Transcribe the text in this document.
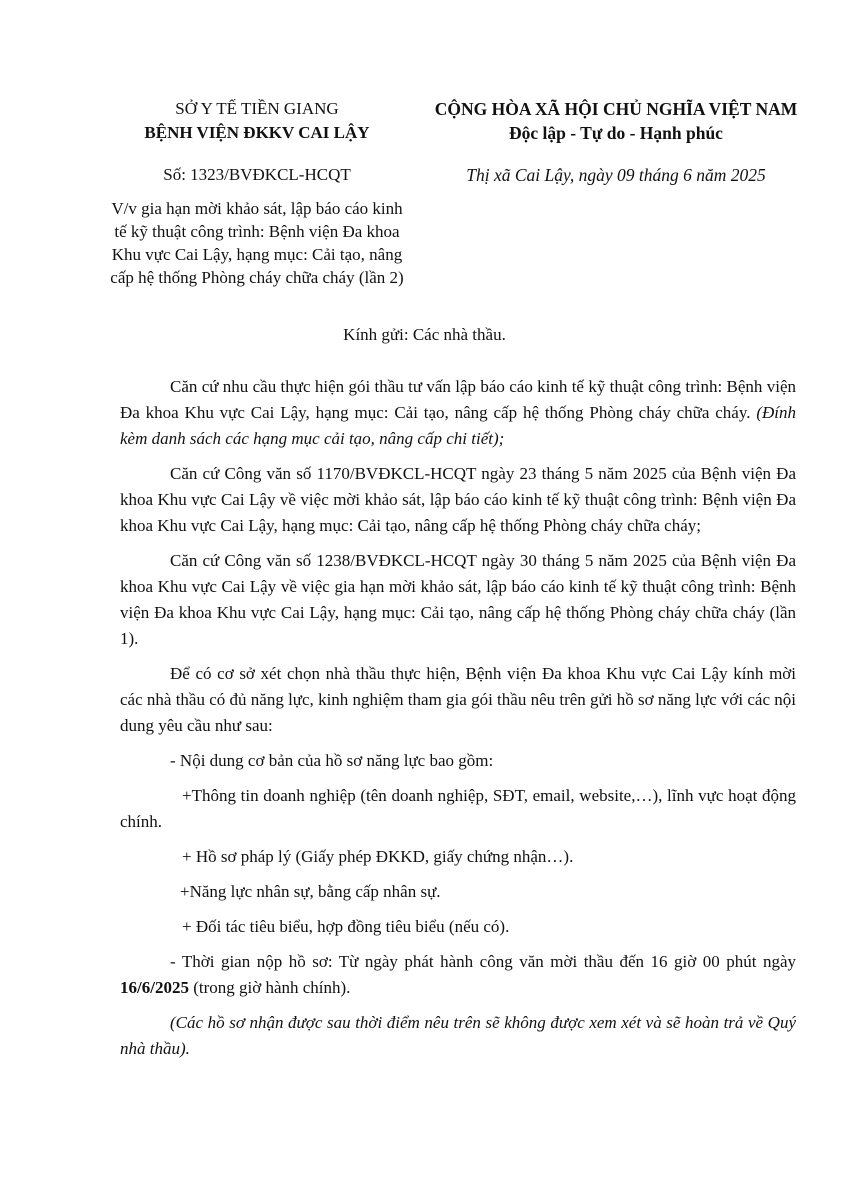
SỞ Y TẾ TIỀN GIANG
BỆNH VIỆN ĐKKV CAI LẬY
Số: 1323/BVĐKCL-HCQT
V/v gia hạn mời khảo sát, lập báo cáo kinh tế kỹ thuật công trình: Bệnh viện Đa khoa Khu vực Cai Lậy, hạng mục: Cải tạo, nâng cấp hệ thống Phòng cháy chữa cháy (lần 2)
CỘNG HÒA XÃ HỘI CHỦ NGHĨA VIỆT NAM
Độc lập - Tự do - Hạnh phúc
Thị xã Cai Lậy, ngày 09 tháng 6 năm 2025
Kính gửi: Các nhà thầu.

Căn cứ nhu cầu thực hiện gói thầu tư vấn lập báo cáo kinh tế kỹ thuật công trình: Bệnh viện Đa khoa Khu vực Cai Lậy, hạng mục: Cải tạo, nâng cấp hệ thống Phòng cháy chữa cháy. (Đính kèm danh sách các hạng mục cải tạo, nâng cấp chi tiết);

Căn cứ Công văn số 1170/BVĐKCL-HCQT ngày 23 tháng 5 năm 2025 của Bệnh viện Đa khoa Khu vực Cai Lậy về việc mời khảo sát, lập báo cáo kinh tế kỹ thuật công trình: Bệnh viện Đa khoa Khu vực Cai Lậy, hạng mục: Cải tạo, nâng cấp hệ thống Phòng cháy chữa cháy;

Căn cứ Công văn số 1238/BVĐKCL-HCQT ngày 30 tháng 5 năm 2025 của Bệnh viện Đa khoa Khu vực Cai Lậy về việc gia hạn mời khảo sát, lập báo cáo kinh tế kỹ thuật công trình: Bệnh viện Đa khoa Khu vực Cai Lậy, hạng mục: Cải tạo, nâng cấp hệ thống Phòng cháy chữa cháy (lần 1).

Để có cơ sở xét chọn nhà thầu thực hiện, Bệnh viện Đa khoa Khu vực Cai Lậy kính mời các nhà thầu có đủ năng lực, kinh nghiệm tham gia gói thầu nêu trên gửi hồ sơ năng lực với các nội dung yêu cầu như sau:

- Nội dung cơ bản của hồ sơ năng lực bao gồm:

+Thông tin doanh nghiệp (tên doanh nghiệp, SĐT, email, website,…), lĩnh vực hoạt động chính.

+ Hồ sơ pháp lý (Giấy phép ĐKKD, giấy chứng nhận…).

+Năng lực nhân sự, bằng cấp nhân sự.

+ Đối tác tiêu biểu, hợp đồng tiêu biểu (nếu có).

- Thời gian nộp hồ sơ: Từ ngày phát hành công văn mời thầu đến 16 giờ 00 phút ngày 16/6/2025 (trong giờ hành chính).

(Các hồ sơ nhận được sau thời điểm nêu trên sẽ không được xem xét và sẽ hoàn trả về Quý nhà thầu).
